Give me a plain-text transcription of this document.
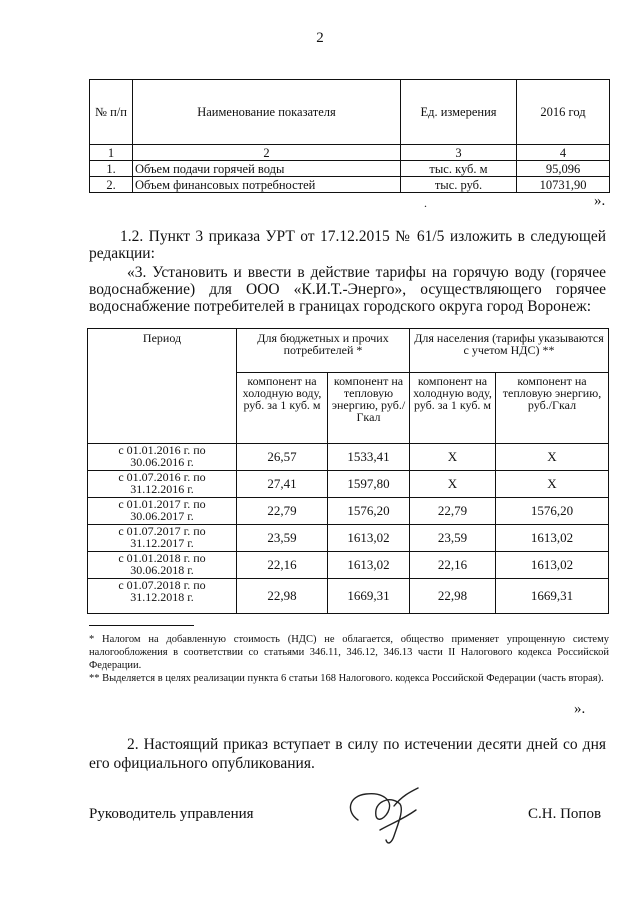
2
№ п/п	Наименование показателя	Ед. измерения	2016 год
1	2	3	4
1.	Объем подачи горячей воды	тыс. куб. м	95,096
2.	Объем финансовых потребностей	тыс. руб.	10731,90
.	».
1.2. Пункт 3 приказа УРТ от 17.12.2015 № 61/5 изложить в следующей редакции:
«3. Установить и ввести в действие тарифы на горячую воду (горячее водоснабжение) для ООО «К.И.Т.-Энерго», осуществляющего горячее водоснабжение потребителей в границах городского округа город Воронеж:
Период	Для бюджетных и прочих потребителей *		Для населения (тарифы указываются с учетом НДС) **	
	компонент на холодную воду, руб. за 1 куб. м	компонент на тепловую энергию, руб./Гкал	компонент на холодную воду, руб. за 1 куб. м	компонент на тепловую энергию, руб./Гкал
с 01.01.2016 г. по 30.06.2016 г.	26,57	1533,41	X	X
с 01.07.2016 г. по 31.12.2016 г.	27,41	1597,80	X	X
с 01.01.2017 г. по 30.06.2017 г.	22,79	1576,20	22,79	1576,20
с 01.07.2017 г. по 31.12.2017 г.	23,59	1613,02	23,59	1613,02
с 01.01.2018 г. по 30.06.2018 г.	22,16	1613,02	22,16	1613,02
с 01.07.2018 г. по 31.12.2018 г.	22,98	1669,31	22,98	1669,31
* Налогом на добавленную стоимость (НДС) не облагается, общество применяет упрощенную систему налогообложения в соответствии со статьями 346.11, 346.12, 346.13 части II Налогового кодекса Российской Федерации.
** Выделяется в целях реализации пункта 6 статьи 168 Налогового. кодекса Российской Федерации (часть вторая).
».
2. Настоящий приказ вступает в силу по истечении десяти дней со дня его официального опубликования.
Руководитель управления	С.Н. Попов
